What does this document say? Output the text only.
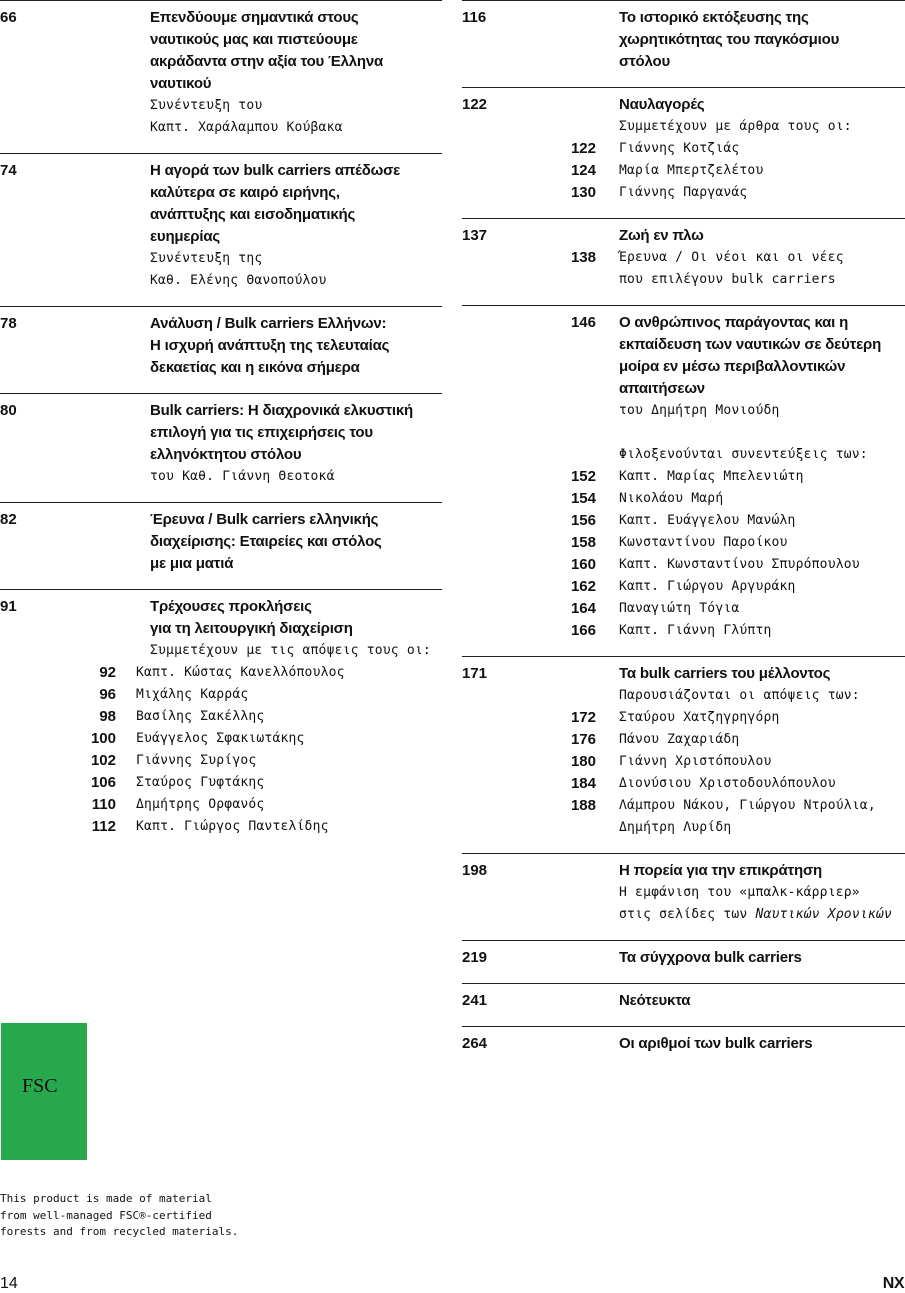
66	Επενδύουμε σημαντικά στους
ναυτικούς μας και πιστεύουμε
ακράδαντα στην αξία του Έλληνα
ναυτικού
Συνέντευξη του
Καπτ. Χαράλαμπου Κούβακα
74	Η αγορά των bulk carriers απέδωσε
καλύτερα σε καιρό ειρήνης,
ανάπτυξης και εισοδηματικής
ευημερίας
Συνέντευξη της
Καθ. Ελένης Θανοπούλου
78	Ανάλυση / Bulk carriers Ελλήνων:
Η ισχυρή ανάπτυξη της τελευταίας
δεκαετίας και η εικόνα σήμερα
80	Bulk carriers: Η διαχρονικά ελκυστική
επιλογή για τις επιχειρήσεις του
ελληνόκτητου στόλου
του Καθ. Γιάννη Θεοτοκά
82	Έρευνα / Bulk carriers ελληνικής
διαχείρισης: Εταιρείες και στόλος
με μια ματιά
91	Τρέχουσες προκλήσεις
για τη λειτουργική διαχείριση
Συμμετέχουν με τις απόψεις τους οι:
92	Καπτ. Κώστας Κανελλόπουλος
96	Μιχάλης Καρράς
98	Βασίλης Σακέλλης
100	Ευάγγελος Σφακιωτάκης
102	Γιάννης Συρίγος
106	Σταύρος Γυφτάκης
110	Δημήτρης Ορφανός
112	Καπτ. Γιώργος Παντελίδης
116	Το ιστορικό εκτόξευσης της
χωρητικότητας του παγκόσμιου
στόλου
122	Ναυλαγορές
Συμμετέχουν με άρθρα τους οι:
122	Γιάννης Κοτζιάς
124	Μαρία Μπερτζελέτου
130	Γιάννης Παργανάς
137	Ζωή εν πλω
138	Έρευνα / Οι νέοι και οι νέες
που επιλέγουν bulk carriers
146	Ο ανθρώπινος παράγοντας και η
εκπαίδευση των ναυτικών σε δεύτερη
μοίρα εν μέσω περιβαλλοντικών
απαιτήσεων
του Δημήτρη Μονιούδη
Φιλοξενούνται συνεντεύξεις των:
152	Καπτ. Μαρίας Μπελενιώτη
154	Νικολάου Μαρή
156	Καπτ. Ευάγγελου Μανώλη
158	Κωνσταντίνου Παροίκου
160	Καπτ. Κωνσταντίνου Σπυρόπουλου
162	Καπτ. Γιώργου Αργυράκη
164	Παναγιώτη Τόγια
166	Καπτ. Γιάννη Γλύπτη
171	Τα bulk carriers του μέλλοντος
Παρουσιάζονται οι απόψεις των:
172	Σταύρου Χατζηγρηγόρη
176	Πάνου Ζαχαριάδη
180	Γιάννη Χριστόπουλου
184	Διονύσιου Χριστοδουλόπουλου
188	Λάμπρου Νάκου, Γιώργου Ντρούλια,
Δημήτρη Λυρίδη
198	Η πορεία για την επικράτηση
Η εμφάνιση του «μπαλκ-κάρριερ»
στις σελίδες των Ναυτικών Χρονικών
219	Τα σύγχρονα bulk carriers
241	Νεότευκτα
264	Οι αριθμοί των bulk carriers
FSC
This product is made of material
from well-managed FSC®-certified
forests and from recycled materials.
14	NX
